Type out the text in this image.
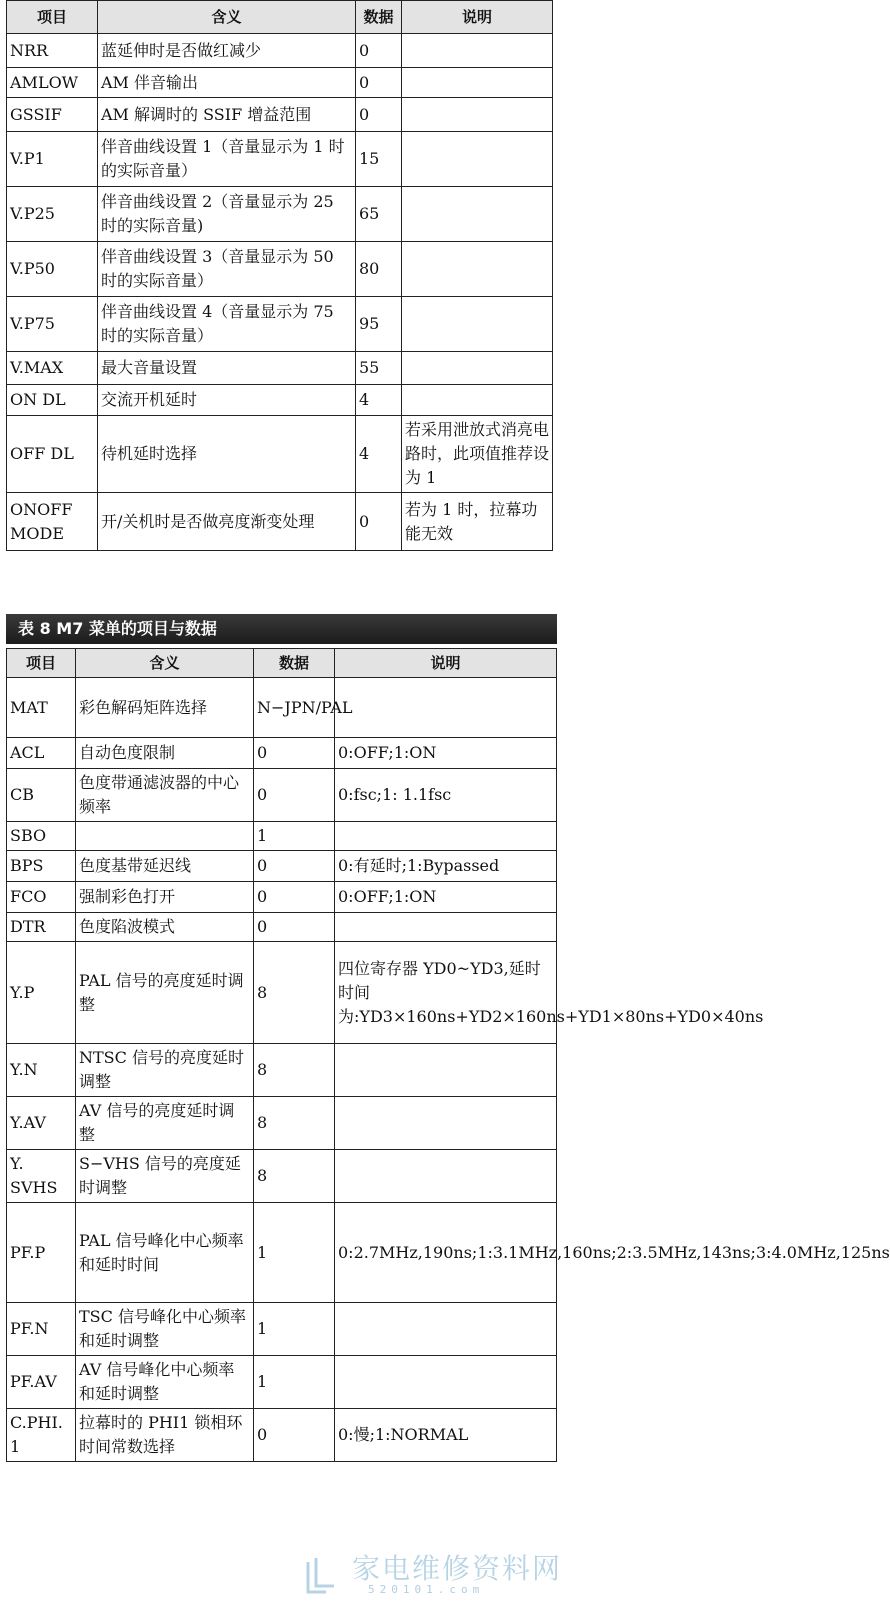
项目	含义	数据	说明
NRR	蓝延伸时是否做红减少	0	
AMLOW	AM 伴音输出	0	
GSSIF	AM 解调时的 SSIF 增益范围	0	
V.P1	伴音曲线设置 1（音量显示为 1 时的实际音量）	15	
V.P25	伴音曲线设置 2（音量显示为 25 时的实际音量)	65	
V.P50	伴音曲线设置 3（音量显示为 50 时的实际音量）	80	
V.P75	伴音曲线设置 4（音量显示为 75 时的实际音量）	95	
V.MAX	最大音量设置	55	
ON DL	交流开机延时	4	
OFF DL	待机延时选择	4	若采用泄放式消亮电路时，此项值推荐设为 1
ONOFF MODE	开/关机时是否做亮度渐变处理	0	若为 1 时，拉幕功能无效
表 8 M7 菜单的项目与数据
项目	含义	数据	说明
MAT	彩色解码矩阵选择	N−JPN/PAL	
ACL	自动色度限制	0	0:OFF;1:ON
CB	色度带通滤波器的中心频率	0	0:fsc;1: 1.1fsc
SBO		1	
BPS	色度基带延迟线	0	0:有延时;1:Bypassed
FCO	强制彩色打开	0	0:OFF;1:ON
DTR	色度陷波模式	0	
Y.P	PAL 信号的亮度延时调整	8	四位寄存器 YD0~YD3,延时时间为:YD3×160ns+YD2×160ns+YD1×80ns+YD0×40ns
Y.N	NTSC 信号的亮度延时调整	8	
Y.AV	AV 信号的亮度延时调整	8	
Y. SVHS	S−VHS 信号的亮度延时调整	8	
PF.P	PAL 信号峰化中心频率和延时时间	1	0:2.7MHz,190ns;1:3.1MHz,160ns;2:3.5MHz,143ns;3:4.0MHz,125ns
PF.N	TSC 信号峰化中心频率和延时调整	1	
PF.AV	AV 信号峰化中心频率和延时调整	1	
C.PHI. 1	拉幕时的 PHI1 锁相环时间常数选择	0	0:慢;1:NORMAL
家电维修资料网
520101.com
